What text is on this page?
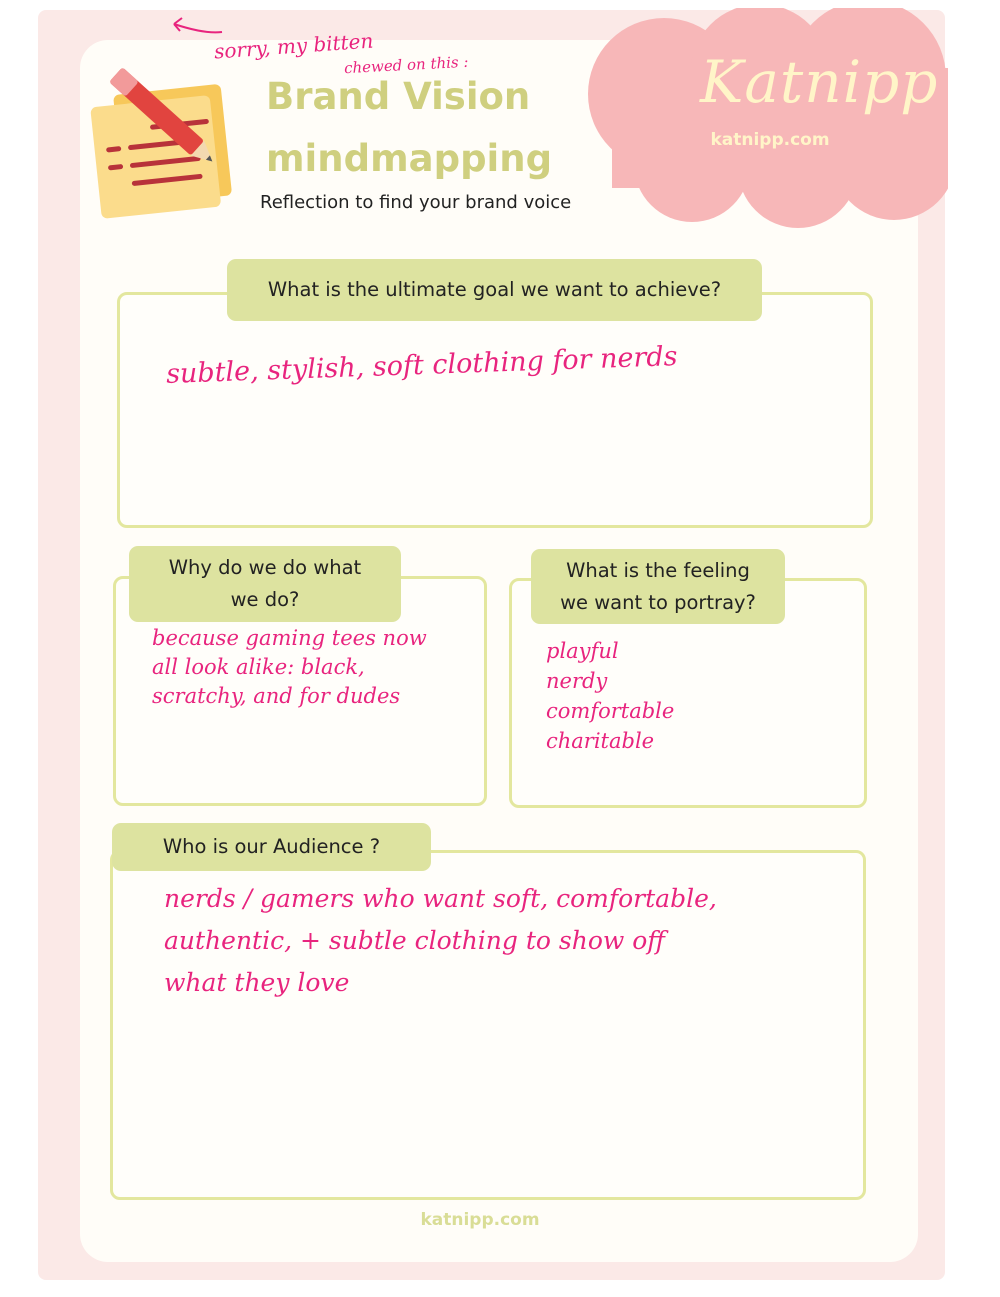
sorry, my bitten
chewed on this :	Katnipp
katnipp.com
Brand Vision
mindmapping
Reflection to find your brand voice
What is the ultimate goal we want to achieve?
subtle, stylish, soft clothing for nerds
Why do we do what
we do?
because gaming tees now
all look alike: black,
scratchy, and for dudes
What is the feeling
we want to portray?
playful
nerdy
comfortable
charitable
Who is our Audience ?
nerds / gamers who want soft, comfortable,
authentic, + subtle clothing to show off
what they love
katnipp.com
